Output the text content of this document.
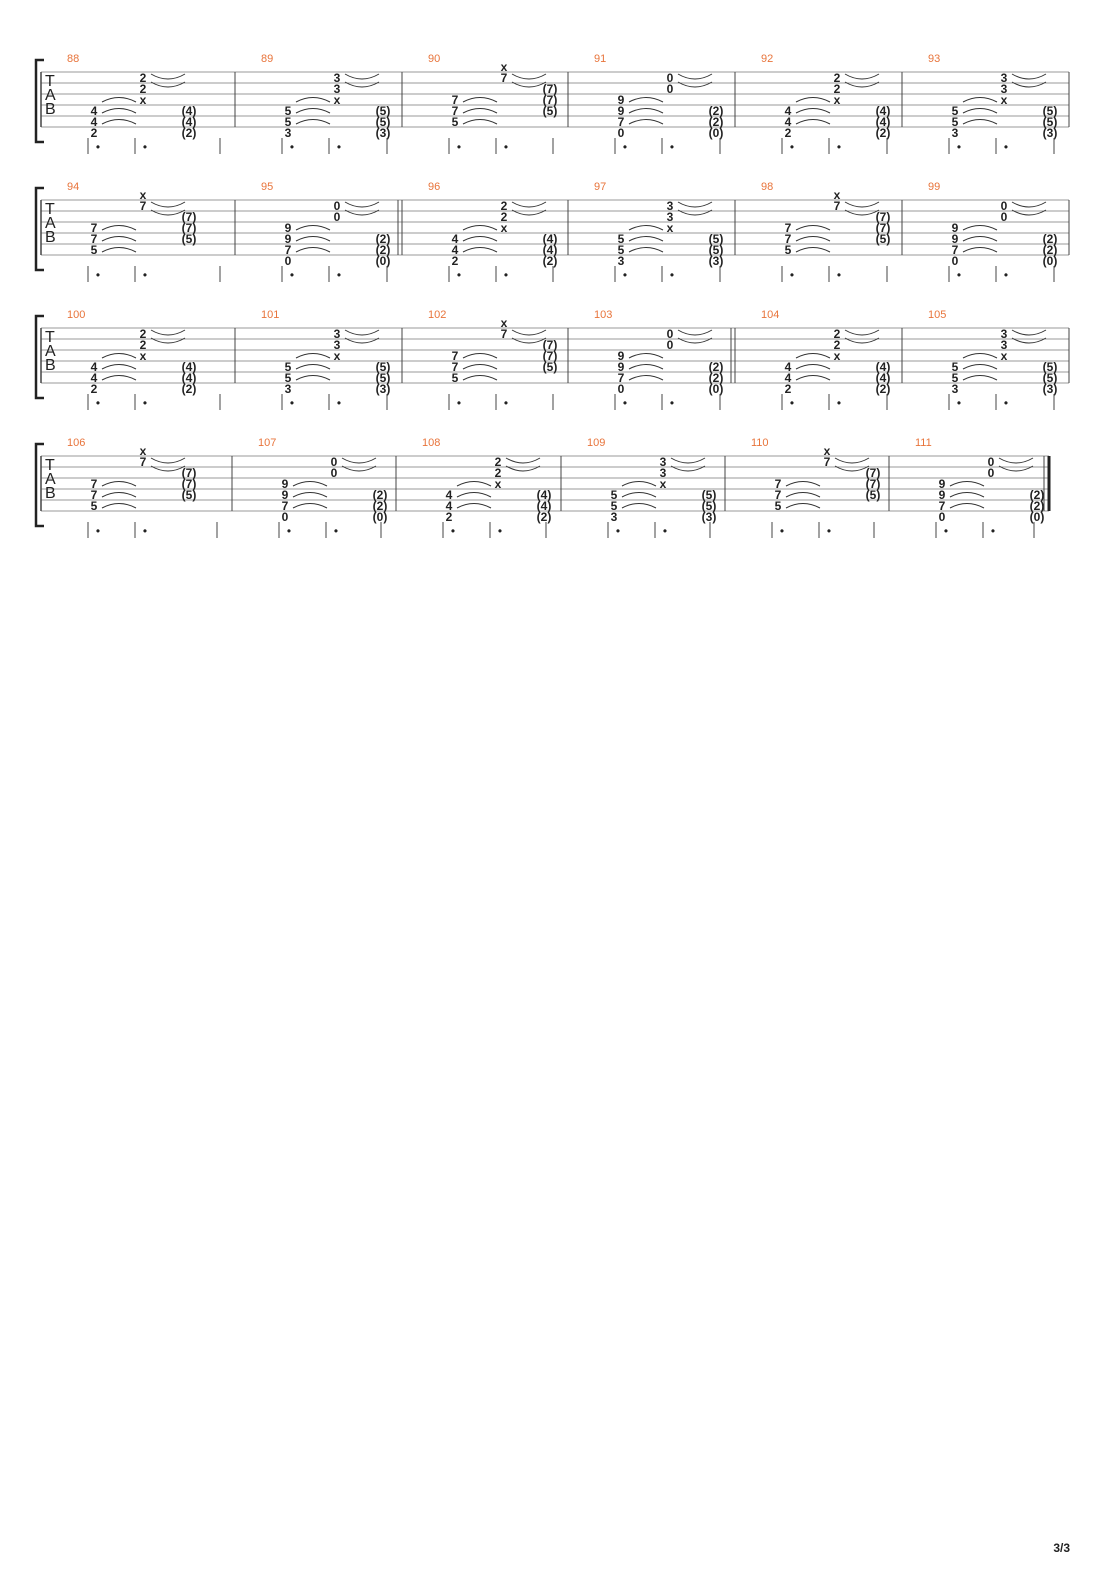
T
A
B
88
2
2
x
4
4
2
(4)
(4)
(2)
•	•
89
3
3
x
5
5
3
(5)
(5)
(3)
•	•
90
x
7
7
7
5
(7)
(7)
(5)
•	•
91
0
0
9
9
7
0
(2)
(2)
(0)
•	•
92
2
2
x
4
4
2
(4)
(4)
(2)
•	•
93
3
3
x
5
5
3
(5)
(5)
(3)
•	•
T
A
B
94
x
7
7
7
5
(7)
(7)
(5)
•	•
95
0
0
9
9
7
0
(2)
(2)
(0)
•	•
96
2
2
x
4
4
2
(4)
(4)
(2)
•	•
97
3
3
x
5
5
3
(5)
(5)
(3)
•	•
98
x
7
7
7
5
(7)
(7)
(5)
•	•
99
0
0
9
9
7
0
(2)
(2)
(0)
•	•
T
A
B
100
2
2
x
4
4
2
(4)
(4)
(2)
•	•
101
3
3
x
5
5
3
(5)
(5)
(3)
•	•
102
x
7
7
7
5
(7)
(7)
(5)
•	•
103
0
0
9
9
7
0
(2)
(2)
(0)
•	•
104
2
2
x
4
4
2
(4)
(4)
(2)
•	•
105
3
3
x
5
5
3
(5)
(5)
(3)
•	•
T
A
B
106
x
7
7
7
5
(7)
(7)
(5)
•	•
107
0
0
9
9
7
0
(2)
(2)
(0)
•	•
108
2
2
x
4
4
2
(4)
(4)
(2)
•	•
109
3
3
x
5
5
3
(5)
(5)
(3)
•	•
110
x
7
7
7
5
(7)
(7)
(5)
•	•
111
0
0
9
9
7
0
(2)
(2)
(0)
•	•
3/3
